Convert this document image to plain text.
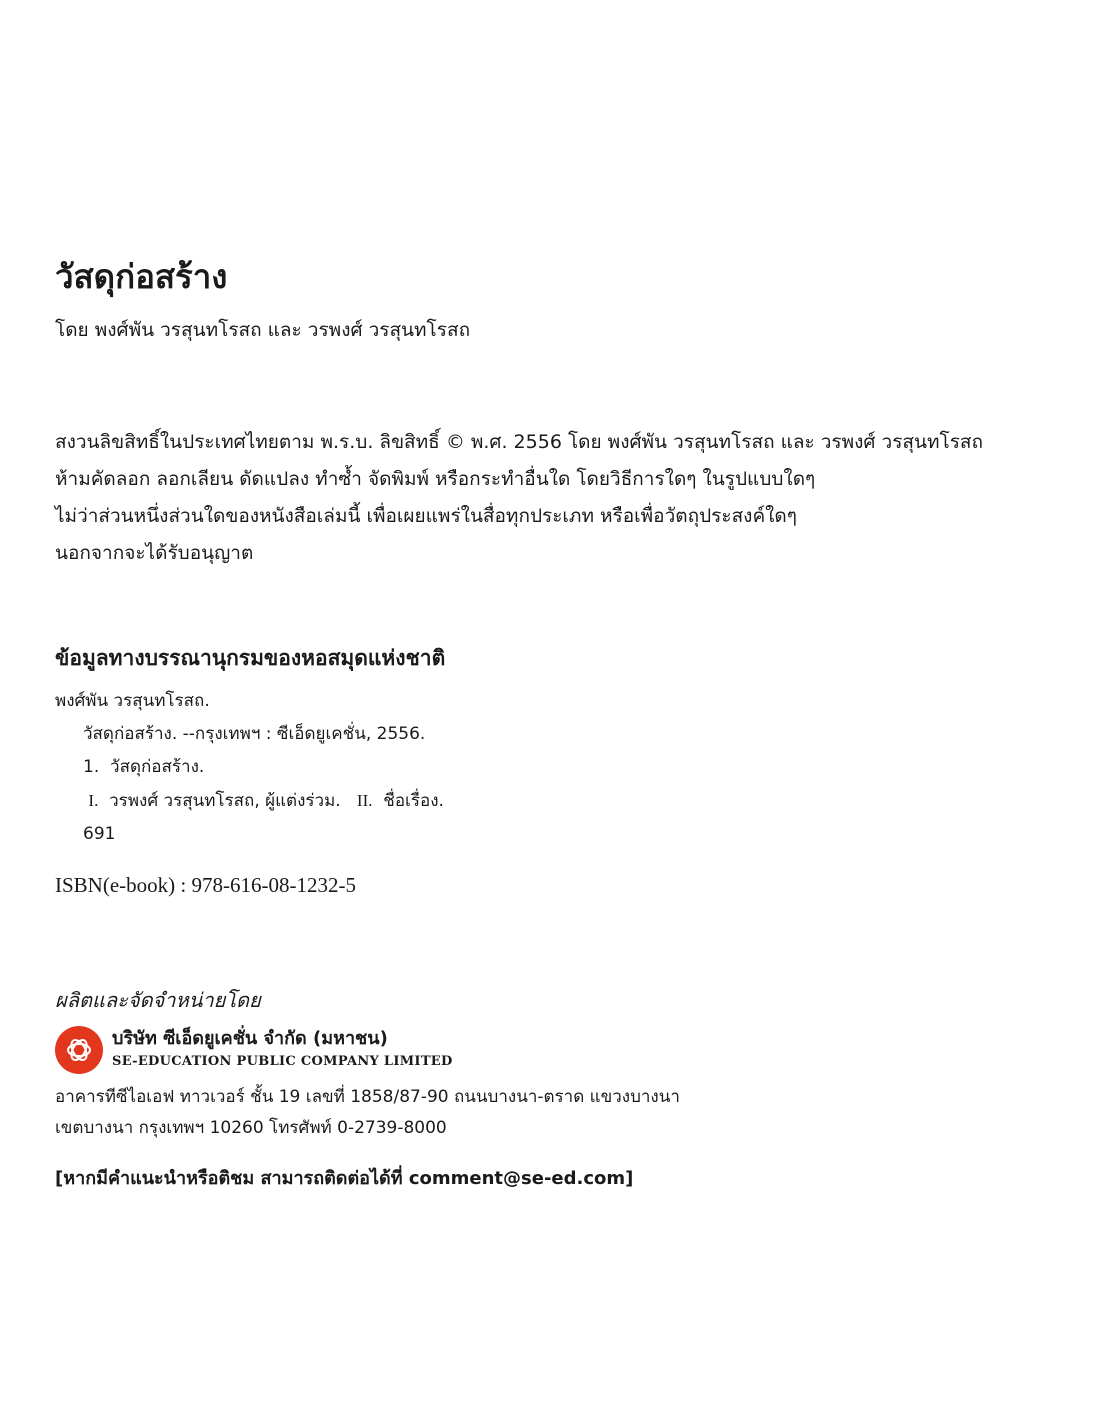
วัสดุก่อสร้าง
โดย พงศ์พัน วรสุนทโรสถ และ วรพงศ์ วรสุนทโรสถ
สงวนลิขสิทธิ์ในประเทศไทยตาม พ.ร.บ. ลิขสิทธิ์ © พ.ศ. 2556 โดย พงศ์พัน วรสุนทโรสถ และ วรพงศ์ วรสุนทโรสถ
ห้ามคัดลอก ลอกเลียน ดัดแปลง ทำซ้ำ จัดพิมพ์ หรือกระทำอื่นใด โดยวิธีการใดๆ ในรูปแบบใดๆ
ไม่ว่าส่วนหนึ่งส่วนใดของหนังสือเล่มนี้ เพื่อเผยแพร่ในสื่อทุกประเภท หรือเพื่อวัตถุประสงค์ใดๆ
นอกจากจะได้รับอนุญาต
ข้อมูลทางบรรณานุกรมของหอสมุดแห่งชาติ
พงศ์พัน วรสุนทโรสถ.
วัสดุก่อสร้าง. --กรุงเทพฯ : ซีเอ็ดยูเคชั่น, 2556.
1. วัสดุก่อสร้าง.
I. วรพงศ์ วรสุนทโรสถ, ผู้แต่งร่วม. II. ชื่อเรื่อง.
691
ISBN(e-book) : 978-616-08-1232-5
ผลิตและจัดจำหน่ายโดย
บริษัท ซีเอ็ดยูเคชั่น จำกัด (มหาชน)
SE-EDUCATION PUBLIC COMPANY LIMITED
อาคารทีซีไอเอฟ ทาวเวอร์ ชั้น 19 เลขที่ 1858/87-90 ถนนบางนา-ตราด แขวงบางนา
เขตบางนา กรุงเทพฯ 10260 โทรศัพท์ 0-2739-8000
[หากมีคำแนะนำหรือติชม สามารถติดต่อได้ที่ comment@se-ed.com]
